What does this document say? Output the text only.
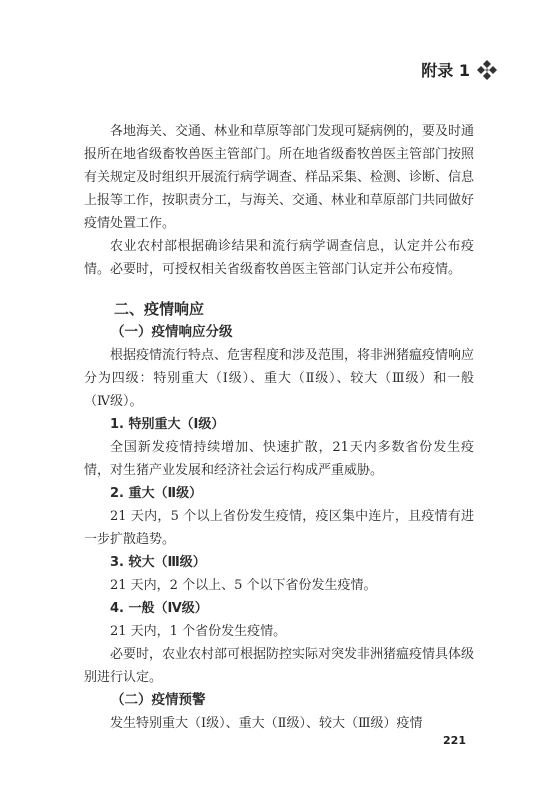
附录 1

各地海关、交通、林业和草原等部门发现可疑病例的，要及时通报所在地省级畜牧兽医主管部门。所在地省级畜牧兽医主管部门按照有关规定及时组织开展流行病学调查、样品采集、检测、诊断、信息上报等工作，按职责分工，与海关、交通、林业和草原部门共同做好疫情处置工作。

农业农村部根据确诊结果和流行病学调查信息，认定并公布疫情。必要时，可授权相关省级畜牧兽医主管部门认定并公布疫情。

二、疫情响应

（一）疫情响应分级

根据疫情流行特点、危害程度和涉及范围，将非洲猪瘟疫情响应分为四级：特别重大（Ⅰ级）、重大（Ⅱ级）、较大（Ⅲ级）和一般（Ⅳ级）。

1. 特别重大（Ⅰ级）

全国新发疫情持续增加、快速扩散，21天内多数省份发生疫情，对生猪产业发展和经济社会运行构成严重威胁。

2. 重大（Ⅱ级）

21 天内，5 个以上省份发生疫情，疫区集中连片，且疫情有进一步扩散趋势。

3. 较大（Ⅲ级）

21 天内，2 个以上、5 个以下省份发生疫情。

4. 一般（Ⅳ级）

21 天内，1 个省份发生疫情。

必要时，农业农村部可根据防控实际对突发非洲猪瘟疫情具体级别进行认定。

（二）疫情预警

发生特别重大（Ⅰ级）、重大（Ⅱ级）、较大（Ⅲ级）疫情

221
